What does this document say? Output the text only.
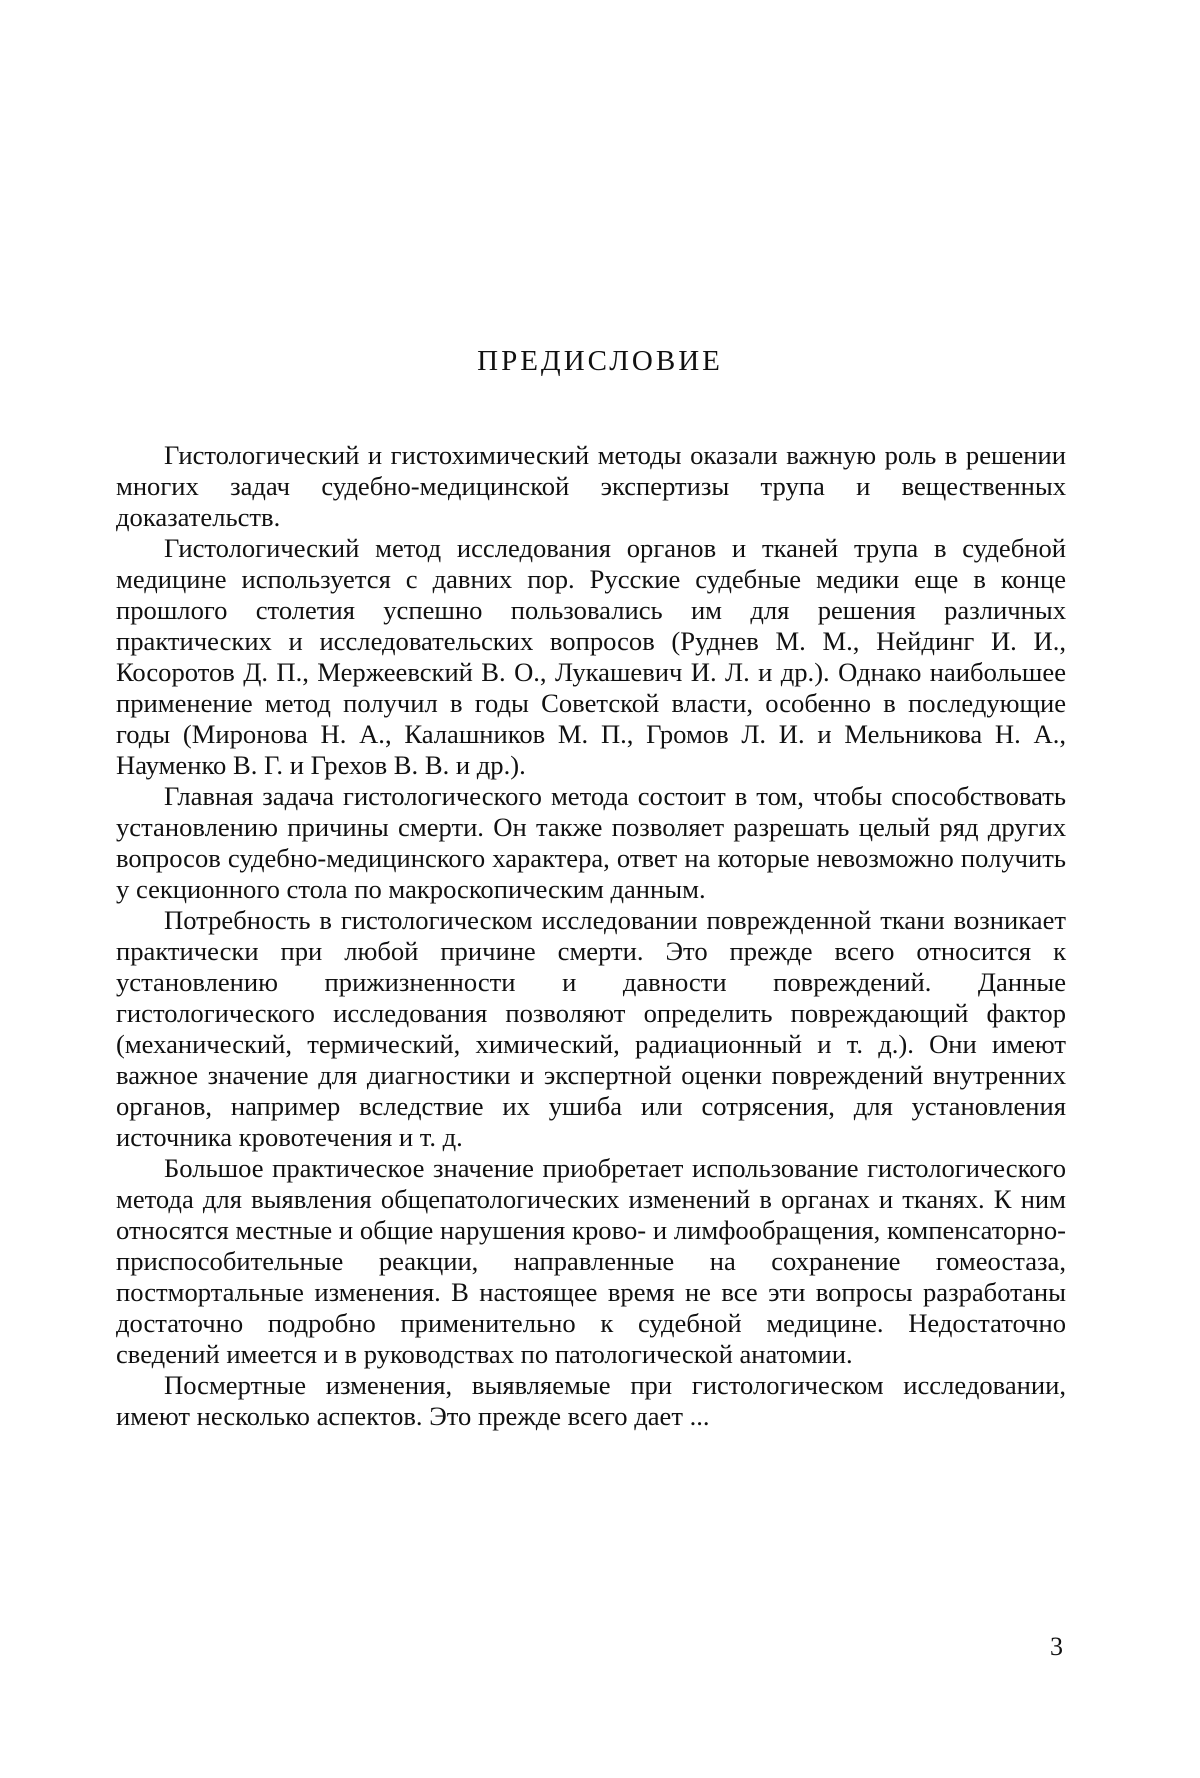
ПРЕДИСЛОВИЕ

Гистологический и гистохимический методы оказали важную роль в решении многих задач судебно-медицинской экспертизы трупа и вещественных доказательств.

Гистологический метод исследования органов и тканей трупа в судебной медицине используется с давних пор. Русские судебные медики еще в конце прошлого столетия успешно пользовались им для решения различных практических и исследовательских вопросов (Руднев М. М., Нейдинг И. И., Косоротов Д. П., Мержеевский В. О., Лукашевич И. Л. и др.). Однако наибольшее применение метод получил в годы Советской власти, особенно в последующие годы (Миронова Н. А., Калашников М. П., Громов Л. И. и Мельникова Н. А., Науменко В. Г. и Грехов В. В. и др.).

Главная задача гистологического метода состоит в том, чтобы способствовать установлению причины смерти. Он также позволяет разрешать целый ряд других вопросов судебно-медицинского характера, ответ на которые невозможно получить у секционного стола по макроскопическим данным.

Потребность в гистологическом исследовании поврежденной ткани возникает практически при любой причине смерти. Это прежде всего относится к установлению прижизненности и давности повреждений. Данные гистологического исследования позволяют определить повреждающий фактор (механический, термический, химический, радиационный и т. д.). Они имеют важное значение для диагностики и экспертной оценки повреждений внутренних органов, например вследствие их ушиба или сотрясения, для установления источника кровотечения и т. д.

Большое практическое значение приобретает использование гистологического метода для выявления общепатологических изменений в органах и тканях. К ним относятся местные и общие нарушения крово- и лимфообращения, компенсаторно-приспособительные реакции, направленные на сохранение гомеостаза, постмортальные изменения. В настоящее время не все эти вопросы разработаны достаточно подробно применительно к судебной медицине. Недостаточно сведений имеется и в руководствах по патологической анатомии.

Посмертные изменения, выявляемые при гистологическом исследовании, имеют несколько аспектов. Это прежде всего дает ...

3
